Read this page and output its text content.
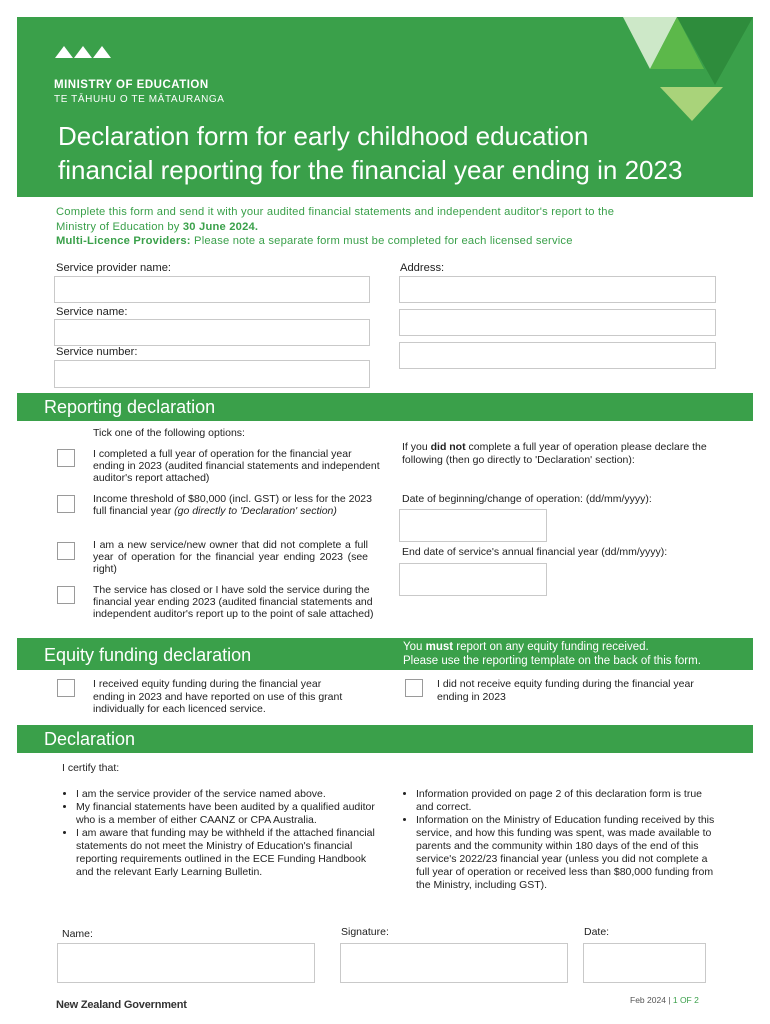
MINISTRY OF EDUCATION
TE TĀHUHU O TE MĀTAURANGA
Declaration form for early childhood education
financial reporting for the financial year ending in 2023
Complete this form and send it with your audited financial statements and independent auditor's report to the
Ministry of Education by 30 June 2024.
Multi-Licence Providers: Please note a separate form must be completed for each licensed service
Service provider name:	Address:
Service name:
Service number:
Reporting declaration
Tick one of the following options:
I completed a full year of operation for the financial year ending in 2023 (audited financial statements and independent auditor's report attached)
Income threshold of $80,000 (incl. GST) or less for the 2023 full financial year (go directly to 'Declaration' section)
I am a new service/new owner that did not complete a full year of operation for the financial year ending 2023 (see right)
The service has closed or I have sold the service during the financial year ending 2023 (audited financial statements and independent auditor's report up to the point of sale attached)
If you did not complete a full year of operation please declare the following (then go directly to 'Declaration' section):
Date of beginning/change of operation: (dd/mm/yyyy):
End date of service's annual financial year (dd/mm/yyyy):
Equity funding declaration	You must report on any equity funding received.
Please use the reporting template on the back of this form.
I received equity funding during the financial year ending in 2023 and have reported on use of this grant individually for each licenced service.
I did not receive equity funding during the financial year ending in 2023
Declaration
I certify that:
• I am the service provider of the service named above.
• My financial statements have been audited by a qualified auditor who is a member of either CAANZ or CPA Australia.
• I am aware that funding may be withheld if the attached financial statements do not meet the Ministry of Education's financial reporting requirements outlined in the ECE Funding Handbook and the relevant Early Learning Bulletin.
• Information provided on page 2 of this declaration form is true and correct.
• Information on the Ministry of Education funding received by this service, and how this funding was spent, was made available to parents and the community within 180 days of the end of this service's 2022/23 financial year (unless you did not complete a full year of operation or received less than $80,000 funding from the Ministry, including GST).
Name:	Signature:	Date:
New Zealand Government	Feb 2024 | 1 OF 2
